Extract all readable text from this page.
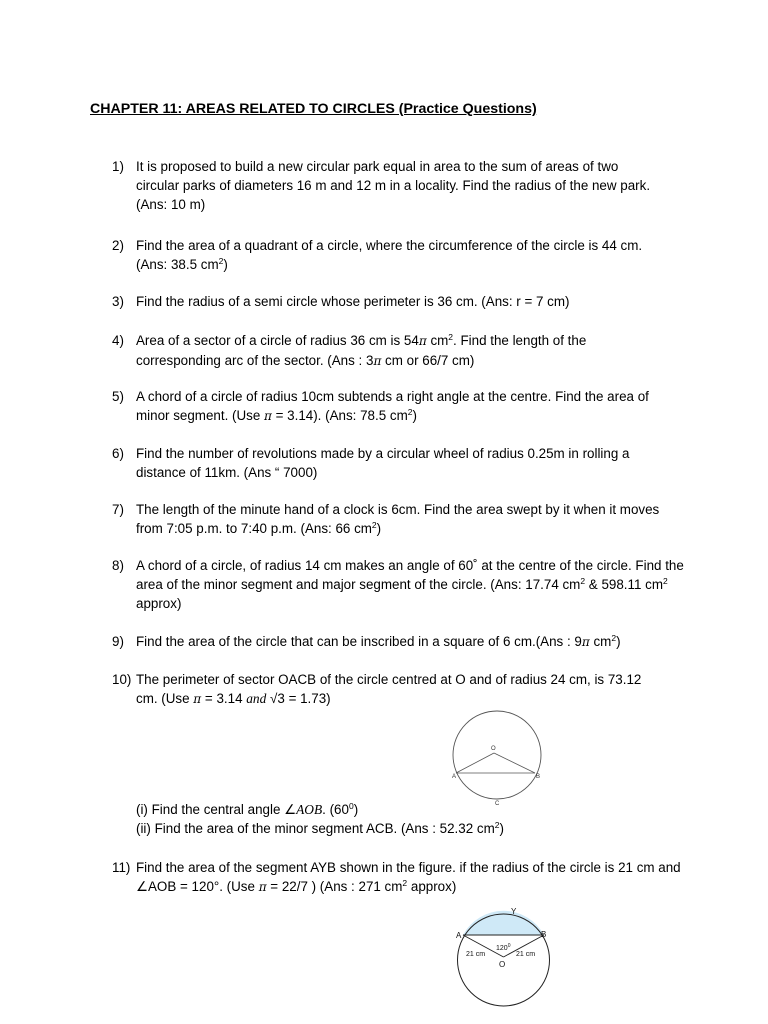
CHAPTER 11: AREAS RELATED TO CIRCLES (Practice Questions)
1) It is proposed to build a new circular park equal in area to the sum of areas of two circular parks of diameters 16 m and 12 m in a locality. Find the radius of the new park.(Ans: 10 m)
2) Find the area of a quadrant of a circle, where the circumference of the circle is 44 cm.(Ans: 38.5 $cm^2$)
3) Find the radius of a semi circle whose perimeter is 36 cm. (Ans: r = 7 cm)
4) Area of a sector of a circle of radius 36 cm is 54π $cm^2$. Find the length of the corresponding arc of the sector. (Ans : 3π cm or 66/7 cm)
5) A chord of a circle of radius 10cm subtends a right angle at the centre. Find the area of minor segment. (Use π = 3.14). (Ans: 78.5 $cm^2$)
6) Find the number of revolutions made by a circular wheel of radius 0.25m in rolling a distance of 11km. (Ans “ 7000)
7) The length of the minute hand of a clock is 6cm. Find the area swept by it when it moves from 7:05 p.m. to 7:40 p.m. (Ans: 66 $cm^2$)
8) A chord of a circle, of radius 14 cm makes an angle of 60˚ at the centre of the circle. Find the area of the minor segment and major segment of the circle. (Ans: 17.74 $cm^2$ & 598.11 $cm^2$ approx)
9) Find the area of the circle that can be inscribed in a square of 6 cm.(Ans : 9π $cm^2$)
10) The perimeter of sector OACB of the circle centred at O and of radius 24 cm, is 73.12 cm. (Use π = 3.14 and √3 = 1.73)
O
A	B
C
(i) Find the central angle ∠AOB. $(60^0)$
(ii) Find the area of the minor segment ACB. (Ans : 52.32 $cm^2$)
11) Find the area of the segment AYB shown in the figure. if the radius of the circle is 21 cm and ∠AOB = 120°. (Use π = 22/7 ) (Ans : 271 $cm^2$ approx)
Y
A	B
$120^0$
21 cm	21 cm
O
